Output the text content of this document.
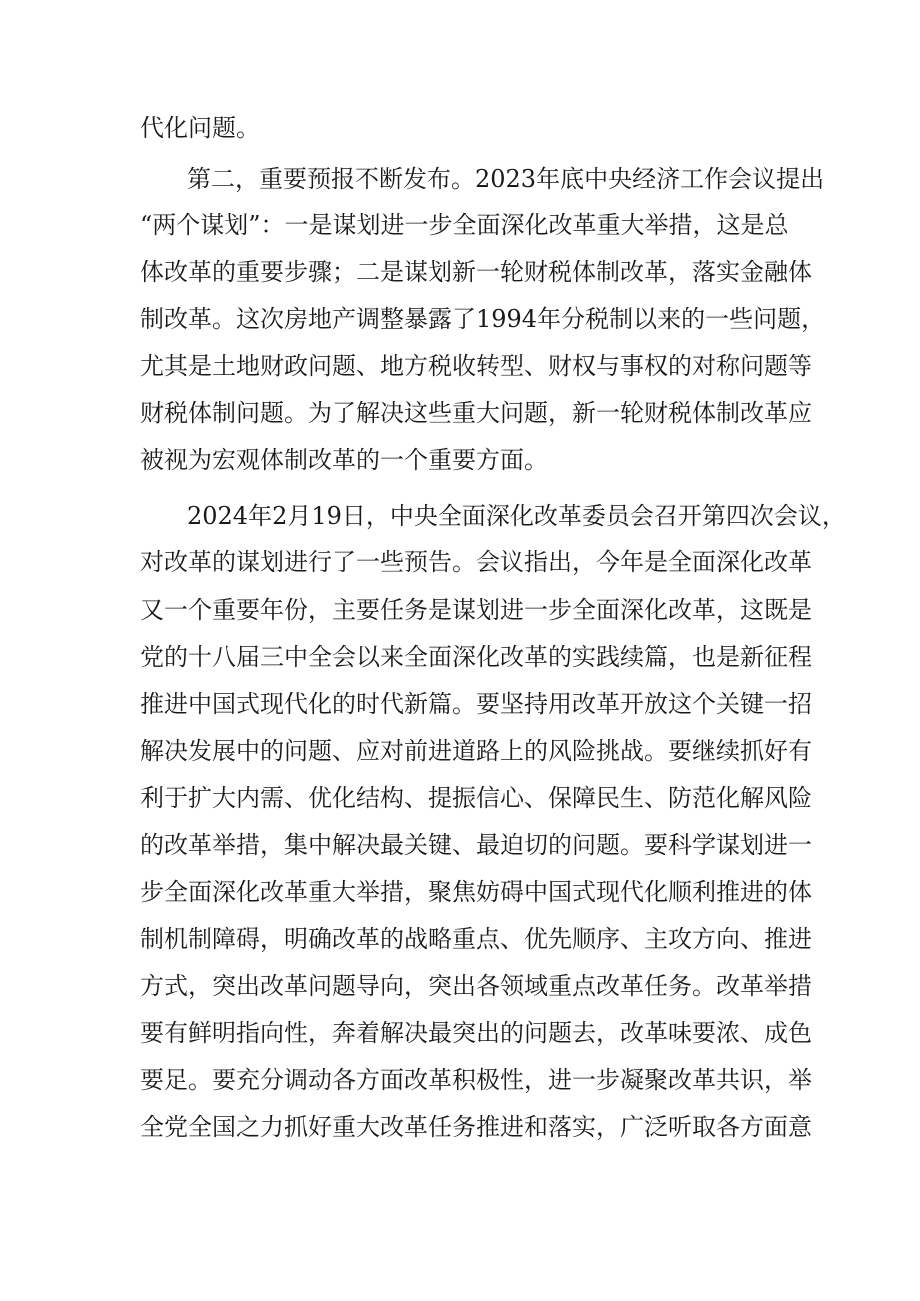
代化问题。
第二，重要预报不断发布。2023年底中央经济工作会议提出
“两个谋划”：一是谋划进一步全面深化改革重大举措，这是总
体改革的重要步骤；二是谋划新一轮财税体制改革，落实金融体
制改革。这次房地产调整暴露了1994年分税制以来的一些问题，
尤其是土地财政问题、地方税收转型、财权与事权的对称问题等
财税体制问题。为了解决这些重大问题，新一轮财税体制改革应
被视为宏观体制改革的一个重要方面。
2024年2月19日，中央全面深化改革委员会召开第四次会议，
对改革的谋划进行了一些预告。会议指出，今年是全面深化改革
又一个重要年份，主要任务是谋划进一步全面深化改革，这既是
党的十八届三中全会以来全面深化改革的实践续篇，也是新征程
推进中国式现代化的时代新篇。要坚持用改革开放这个关键一招
解决发展中的问题、应对前进道路上的风险挑战。要继续抓好有
利于扩大内需、优化结构、提振信心、保障民生、防范化解风险
的改革举措，集中解决最关键、最迫切的问题。要科学谋划进一
步全面深化改革重大举措，聚焦妨碍中国式现代化顺利推进的体
制机制障碍，明确改革的战略重点、优先顺序、主攻方向、推进
方式，突出改革问题导向，突出各领域重点改革任务。改革举措
要有鲜明指向性，奔着解决最突出的问题去，改革味要浓、成色
要足。要充分调动各方面改革积极性，进一步凝聚改革共识，举
全党全国之力抓好重大改革任务推进和落实，广泛听取各方面意
